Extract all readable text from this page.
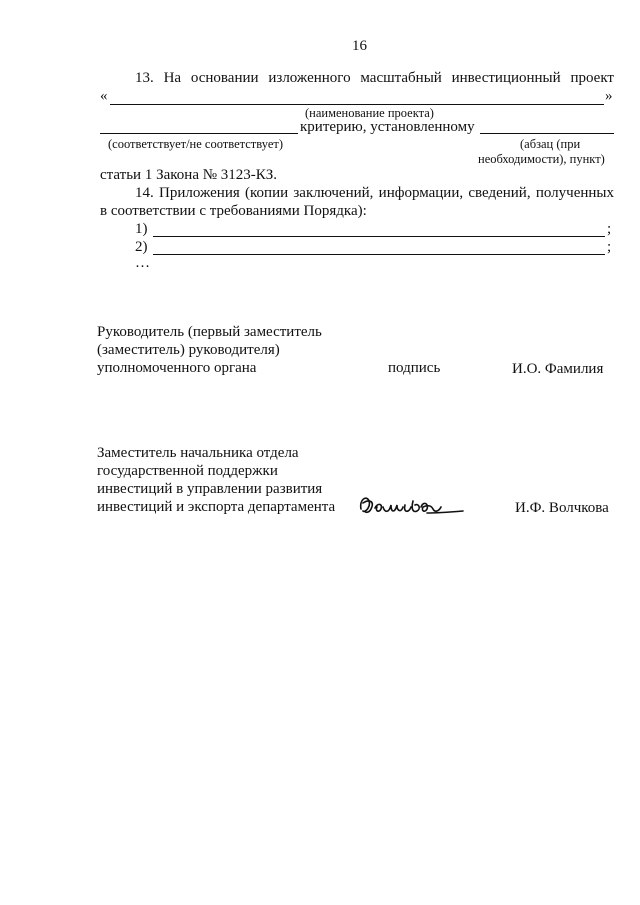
16
13. На основании изложенного масштабный инвестиционный проект
«	»
(наименование проекта)
критерию, установленному
(соответствует/не соответствует)	(абзац (при
необходимости), пункт)
статьи 1 Закона № 3123-КЗ.
14. Приложения (копии заключений, информации, сведений, полученных
в соответствии с требованиями Порядка):
1)	;
2)	;
…
Руководитель (первый заместитель
(заместитель) руководителя)
уполномоченного органа	подпись	И.О. Фамилия
Заместитель начальника отдела
государственной поддержки
инвестиций в управлении развития
инвестиций и экспорта департамента	И.Ф. Волчкова
